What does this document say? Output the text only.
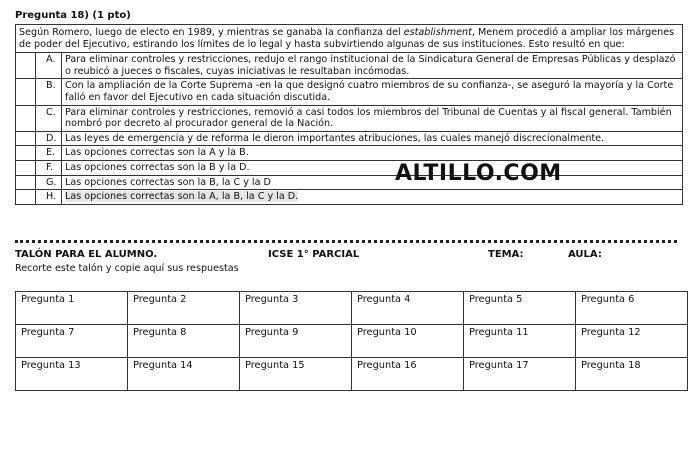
Pregunta 18) (1 pto)
Según Romero, luego de electo en 1989, y mientras se ganaba la confianza del establishment, Menem procedió a ampliar los márgenes de poder del Ejecutivo, estirando los límites de lo legal y hasta subvirtiendo algunas de sus instituciones. Esto resultó en que:		
	A.	Para eliminar controles y restricciones, redujo el rango institucional de la Sindicatura General de Empresas Públicas y desplazó o reubicó a jueces o fiscales, cuyas iniciativas le resultaban incómodas.
	B.	Con la ampliación de la Corte Suprema -en la que designó cuatro miembros de su confianza-, se aseguró la mayoría y la Corte falló en favor del Ejecutivo en cada situación discutida.
	C.	Para eliminar controles y restricciones, removió a casi todos los miembros del Tribunal de Cuentas y al fiscal general. También nombró por decreto al procurador general de la Nación.
	D.	Las leyes de emergencia y de reforma le dieron importantes atribuciones, las cuales manejó discrecionalmente.
	E.	Las opciones correctas son la A y la B.
	F.	Las opciones correctas son la B y la D.
	G.	Las opciones correctas son la B, la C y la D
	H.	Las opciones correctas son la A, la B, la C y la D.
ALTILLO.COM
TALÓN PARA EL ALUMNO.	ICSE 1° PARCIAL	TEMA:	AULA:
Recorte este talón y copie aquí sus respuestas
Pregunta 1	Pregunta 2	Pregunta 3	Pregunta 4	Pregunta 5	Pregunta 6
Pregunta 7	Pregunta 8	Pregunta 9	Pregunta 10	Pregunta 11	Pregunta 12
Pregunta 13	Pregunta 14	Pregunta 15	Pregunta 16	Pregunta 17	Pregunta 18
